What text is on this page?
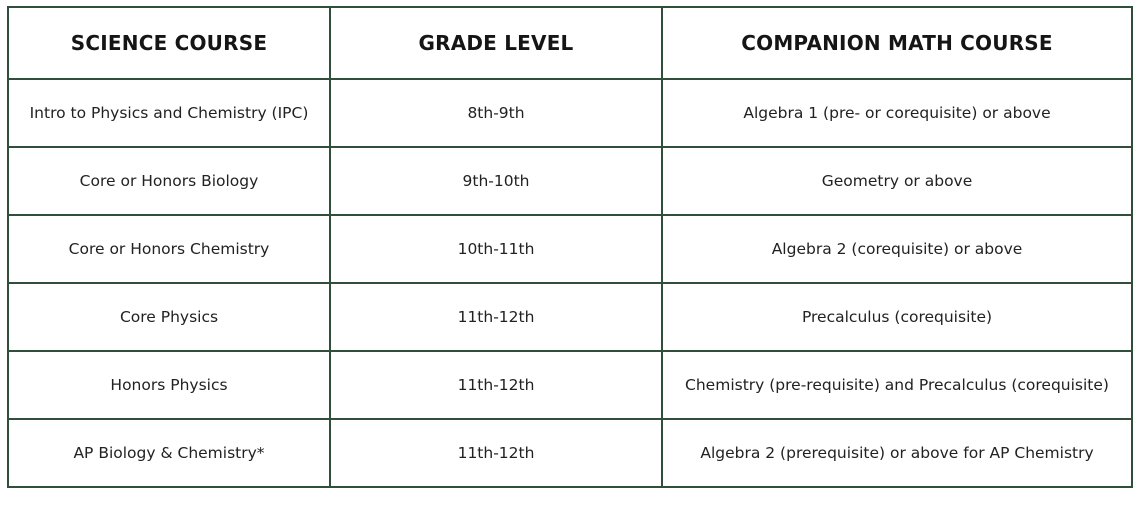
SCIENCE COURSE	GRADE LEVEL	COMPANION MATH COURSE
Intro to Physics and Chemistry (IPC)	8th-9th	Algebra 1 (pre- or corequisite) or above
Core or Honors Biology	9th-10th	Geometry or above
Core or Honors Chemistry	10th-11th	Algebra 2 (corequisite) or above
Core Physics	11th-12th	Precalculus (corequisite)
Honors Physics	11th-12th	Chemistry (pre-requisite) and Precalculus (corequisite)
AP Biology & Chemistry*	11th-12th	Algebra 2 (prerequisite) or above for AP Chemistry
